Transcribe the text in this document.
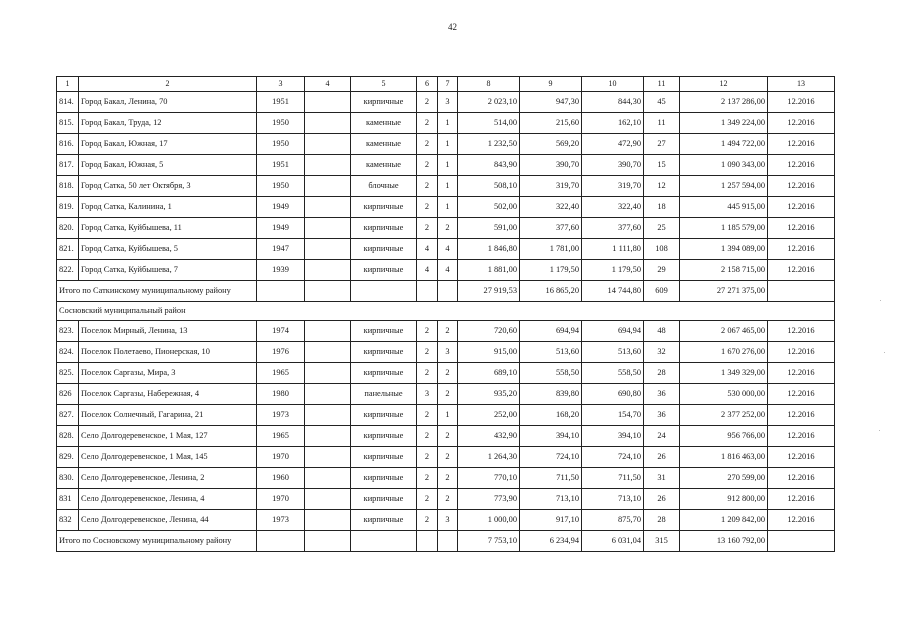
42
1	2	3	4	5	6	7	8	9	10	11	12	13
814.	Город Бакал, Ленина, 70	1951		кирпичные	2	3	2 023,10	947,30	844,30	45	2 137 286,00	12.2016
815.	Город Бакал, Труда, 12	1950		каменные	2	1	514,00	215,60	162,10	11	1 349 224,00	12.2016
816.	Город Бакал, Южная, 17	1950		каменные	2	1	1 232,50	569,20	472,90	27	1 494 722,00	12.2016
817.	Город Бакал, Южная, 5	1951		каменные	2	1	843,90	390,70	390,70	15	1 090 343,00	12.2016
818.	Город Сатка, 50 лет Октября, 3	1950		блочные	2	1	508,10	319,70	319,70	12	1 257 594,00	12.2016
819.	Город Сатка, Калинина, 1	1949		кирпичные	2	1	502,00	322,40	322,40	18	445 915,00	12.2016
820.	Город Сатка, Куйбышева, 11	1949		кирпичные	2	2	591,00	377,60	377,60	25	1 185 579,00	12.2016
821.	Город Сатка, Куйбышева, 5	1947		кирпичные	4	4	1 846,80	1 781,00	1 111,80	108	1 394 089,00	12.2016
822.	Город Сатка, Куйбышева, 7	1939		кирпичные	4	4	1 881,00	1 179,50	1 179,50	29	2 158 715,00	12.2016
Итого по Саткинскому муниципальному району							27 919,53	16 865,20	14 744,80	609	27 271 375,00	
Сосновский муниципальный район												
823.	Поселок Мирный, Ленина, 13	1974		кирпичные	2	2	720,60	694,94	694,94	48	2 067 465,00	12.2016
824.	Поселок Полетаево, Пионерская, 10	1976		кирпичные	2	3	915,00	513,60	513,60	32	1 670 276,00	12.2016
825.	Поселок Саргазы, Мира, 3	1965		кирпичные	2	2	689,10	558,50	558,50	28	1 349 329,00	12.2016
826	Поселок Саргазы, Набережная, 4	1980		панельные	3	2	935,20	839,80	690,80	36	530 000,00	12.2016
827.	Поселок Солнечный, Гагарина, 21	1973		кирпичные	2	1	252,00	168,20	154,70	36	2 377 252,00	12.2016
828.	Село Долгодеревенское, 1 Мая, 127	1965		кирпичные	2	2	432,90	394,10	394,10	24	956 766,00	12.2016
829.	Село Долгодеревенское, 1 Мая, 145	1970		кирпичные	2	2	1 264,30	724,10	724,10	26	1 816 463,00	12.2016
830.	Село Долгодеревенское, Ленина, 2	1960		кирпичные	2	2	770,10	711,50	711,50	31	270 599,00	12.2016
831	Село Долгодеревенское, Ленина, 4	1970		кирпичные	2	2	773,90	713,10	713,10	26	912 800,00	12.2016
832	Село Долгодеревенское, Ленина, 44	1973		кирпичные	2	3	1 000,00	917,10	875,70	28	1 209 842,00	12.2016
Итого по Сосновскому муниципальному району							7 753,10	6 234,94	6 031,04	315	13 160 792,00	
